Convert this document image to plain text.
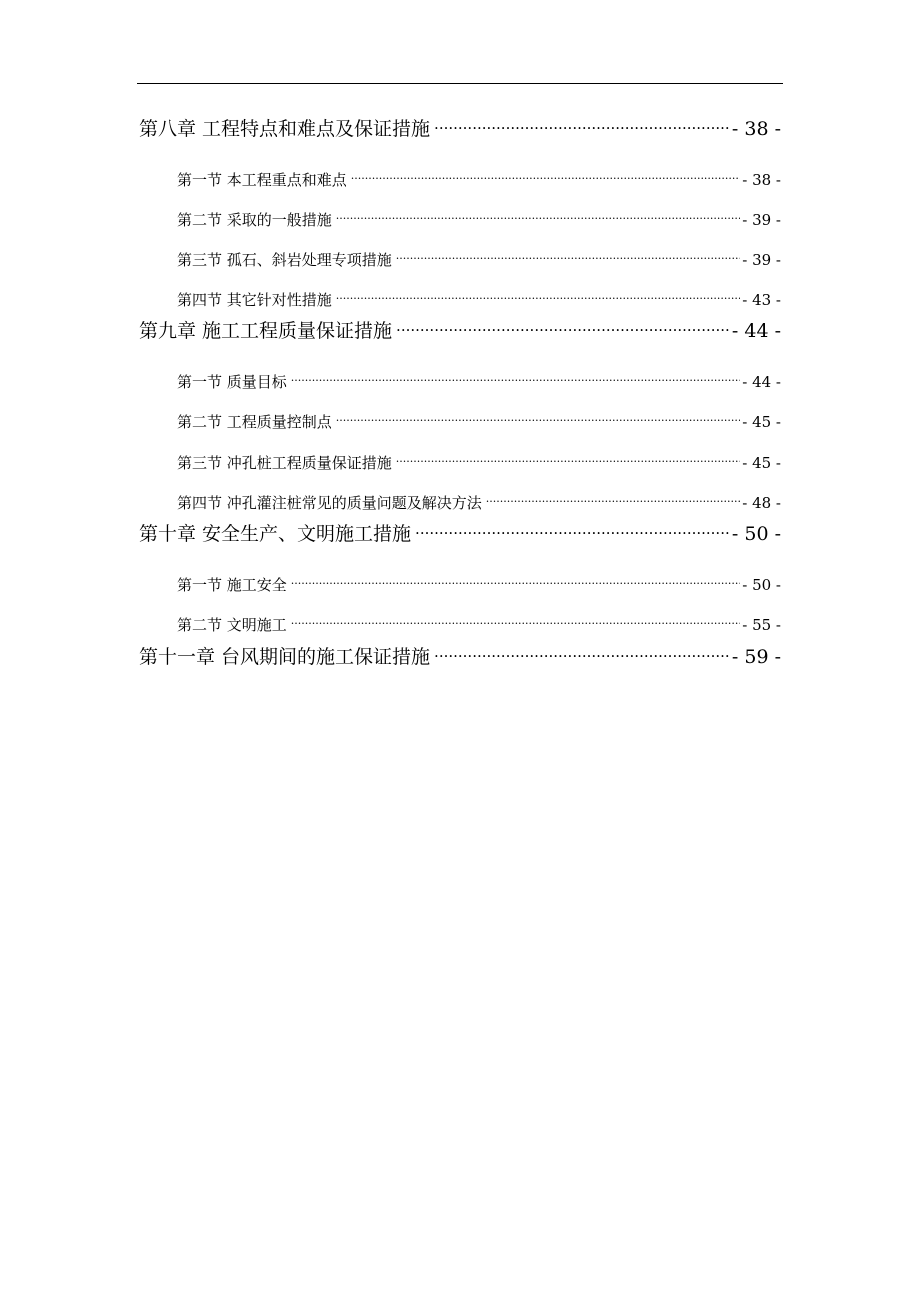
第八章 工程特点和难点及保证措施 .....	- 38 -
第一节 本工程重点和难点 .....	- 38 -
第二节 采取的一般措施 .....	- 39 -
第三节 孤石、斜岩处理专项措施 .....	- 39 -
第四节 其它针对性措施 .....	- 43 -
第九章 施工工程质量保证措施 .....	- 44 -
第一节 质量目标 .....	- 44 -
第二节 工程质量控制点 .....	- 45 -
第三节 冲孔桩工程质量保证措施 .....	- 45 -
第四节 冲孔灌注桩常见的质量问题及解决方法 .....	- 48 -
第十章 安全生产、文明施工措施 .....	- 50 -
第一节 施工安全 .....	- 50 -
第二节 文明施工 .....	- 55 -
第十一章 台风期间的施工保证措施 .....	- 59 -
